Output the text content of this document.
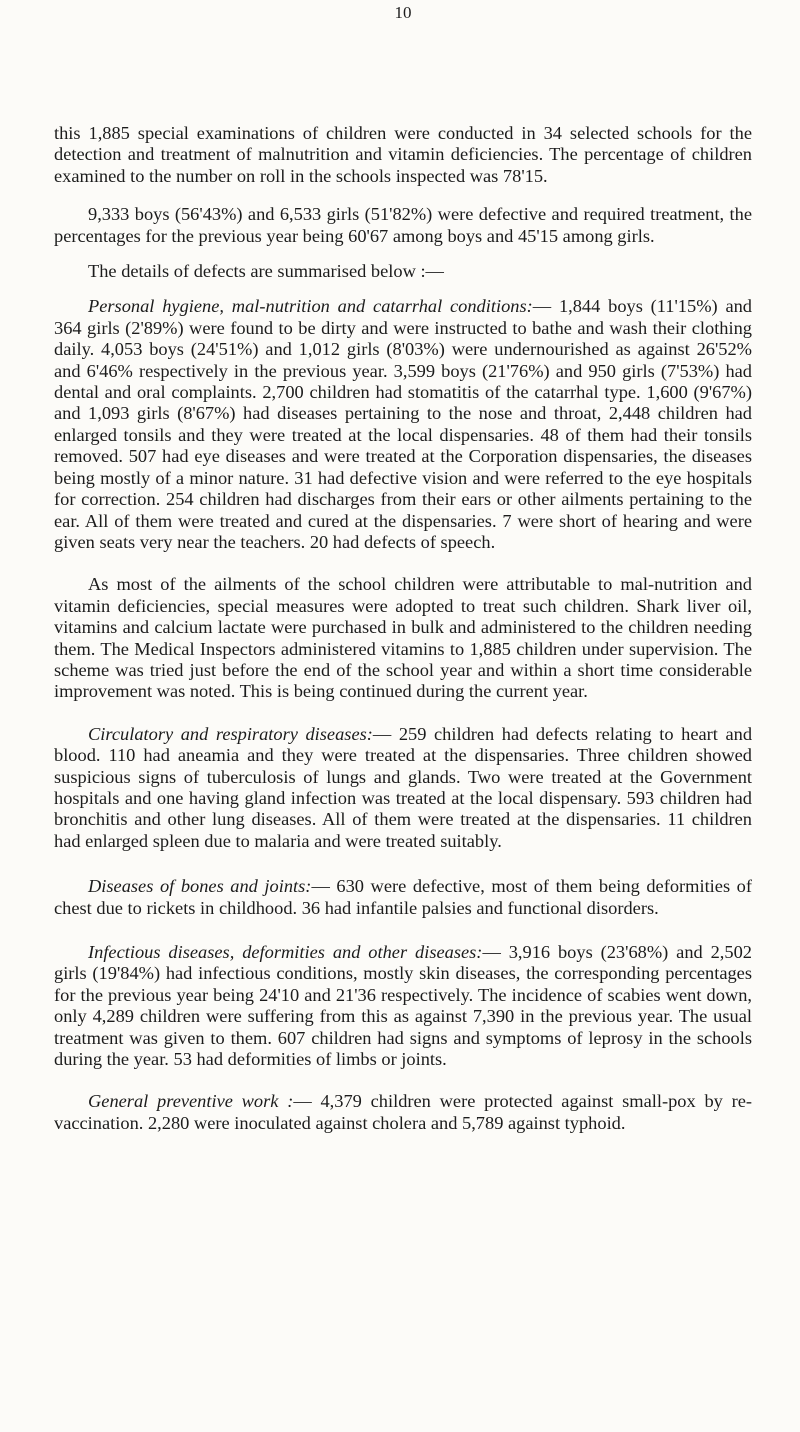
10

this 1,885 special examinations of children were conducted in 34 selected schools for the detection and treatment of malnutrition and vitamin deficiencies. The percentage of children examined to the number on roll in the schools inspected was 78'15.

9,333 boys (56'43%) and 6,533 girls (51'82%) were defective and required treatment, the percentages for the previous year being 60'67 among boys and 45'15 among girls.

The details of defects are summarised below :—

Personal hygiene, mal-nutrition and catarrhal conditions:— 1,844 boys (11'15%) and 364 girls (2'89%) were found to be dirty and were instructed to bathe and wash their clothing daily. 4,053 boys (24'51%) and 1,012 girls (8'03%) were undernourished as against 26'52% and 6'46% respectively in the previous year. 3,599 boys (21'76%) and 950 girls (7'53%) had dental and oral complaints. 2,700 children had stomatitis of the catarrhal type. 1,600 (9'67%) and 1,093 girls (8'67%) had diseases pertaining to the nose and throat, 2,448 children had enlarged tonsils and they were treated at the local dispensaries. 48 of them had their tonsils removed. 507 had eye diseases and were treated at the Corporation dispensaries, the diseases being mostly of a minor nature. 31 had defective vision and were referred to the eye hospitals for correction. 254 children had discharges from their ears or other ailments pertaining to the ear. All of them were treated and cured at the dispensaries. 7 were short of hearing and were given seats very near the teachers. 20 had defects of speech.

As most of the ailments of the school children were attributable to mal-nutrition and vitamin deficiencies, special measures were adopted to treat such children. Shark liver oil, vitamins and calcium lactate were purchased in bulk and administered to the children needing them. The Medical Inspectors administered vitamins to 1,885 children under supervision. The scheme was tried just before the end of the school year and within a short time considerable improvement was noted. This is being continued during the current year.

Circulatory and respiratory diseases:— 259 children had defects relating to heart and blood. 110 had aneamia and they were treated at the dispensaries. Three children showed suspicious signs of tuberculosis of lungs and glands. Two were treated at the Government hospitals and one having gland infection was treated at the local dispensary. 593 children had bronchitis and other lung diseases. All of them were treated at the dispensaries. 11 children had enlarged spleen due to malaria and were treated suitably.

Diseases of bones and joints:— 630 were defective, most of them being deformities of chest due to rickets in childhood. 36 had infantile palsies and functional disorders.

Infectious diseases, deformities and other diseases:— 3,916 boys (23'68%) and 2,502 girls (19'84%) had infectious conditions, mostly skin diseases, the corresponding percentages for the previous year being 24'10 and 21'36 respectively. The incidence of scabies went down, only 4,289 children were suffering from this as against 7,390 in the previous year. The usual treatment was given to them. 607 children had signs and symptoms of leprosy in the schools during the year. 53 had deformities of limbs or joints.

General preventive work :— 4,379 children were protected against small-pox by re-vaccination. 2,280 were inoculated against cholera and 5,789 against typhoid.
